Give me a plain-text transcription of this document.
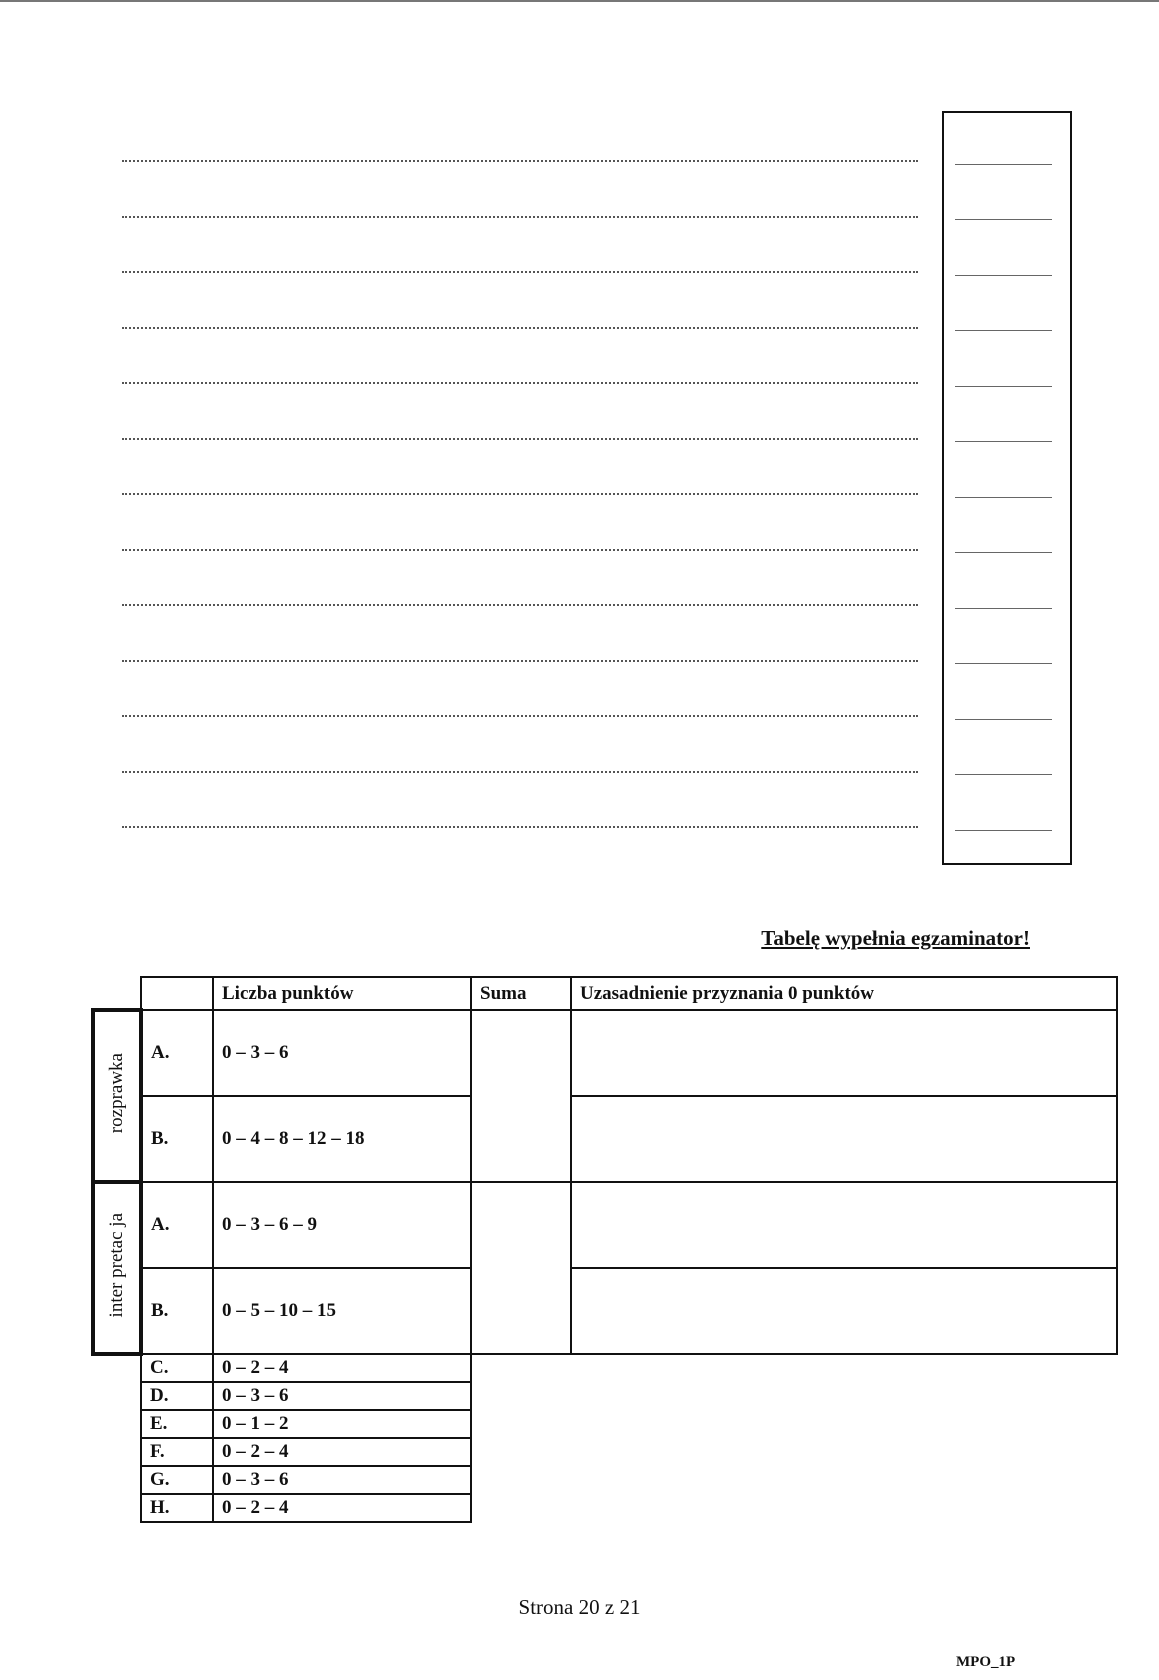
Tabelę wypełnia egzaminator!
		Liczba punktów	Suma	Uzasadnienie przyznania 0 punktów
rozprawka	A.	0 – 3 – 6		
	B.	0 – 4 – 8 – 12 – 18		
inter pretac ja	A.	0 – 3 – 6 – 9		
	B.	0 – 5 – 10 – 15		
	C.	0 – 2 – 4		
	D.	0 – 3 – 6		
	E.	0 – 1 – 2		
	F.	0 – 2 – 4		
	G.	0 – 3 – 6		
	H.	0 – 2 – 4		
Strona 20 z 21
MPO_1P
